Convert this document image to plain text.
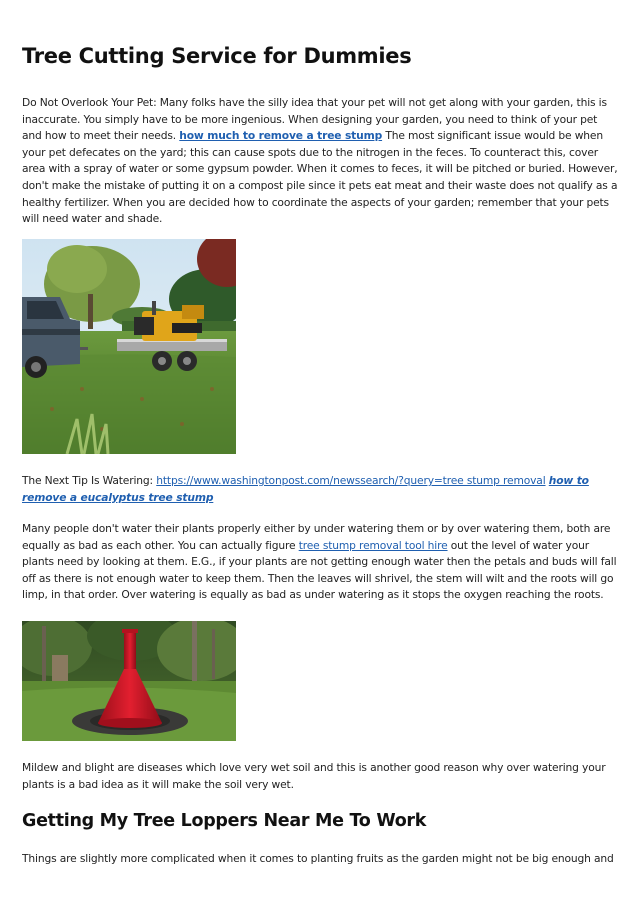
Tree Cutting Service for Dummies

Do Not Overlook Your Pet: Many folks have the silly idea that your pet will not get along with your garden, this is inaccurate. You simply have to be more ingenious. When designing your garden, you need to think of your pet and how to meet their needs. how much to remove a tree stump The most significant issue would be when your pet defecates on the yard; this can cause spots due to the nitrogen in the feces. To counteract this, cover area with a spray of water or some gypsum powder. When it comes to feces, it will be pitched or buried. However, don't make the mistake of putting it on a compost pile since it pets eat meat and their waste does not qualify as a healthy fertilizer. When you are decided how to coordinate the aspects of your garden; remember that your pets will need water and shade.

The Next Tip Is Watering: https://www.washingtonpost.com/newssearch/?query=tree stump removal how to remove a eucalyptus tree stump

Many people don't water their plants properly either by under watering them or by over watering them, both are equally as bad as each other. You can actually figure tree stump removal tool hire out the level of water your plants need by looking at them. E.G., if your plants are not getting enough water then the petals and buds will fall off as there is not enough water to keep them. Then the leaves will shrivel, the stem will wilt and the roots will go limp, in that order. Over watering is equally as bad as under watering as it stops the oxygen reaching the roots.

Mildew and blight are diseases which love very wet soil and this is another good reason why over watering your plants is a bad idea as it will make the soil very wet.

Getting My Tree Loppers Near Me To Work

Things are slightly more complicated when it comes to planting fruits as the garden might not be big enough and
